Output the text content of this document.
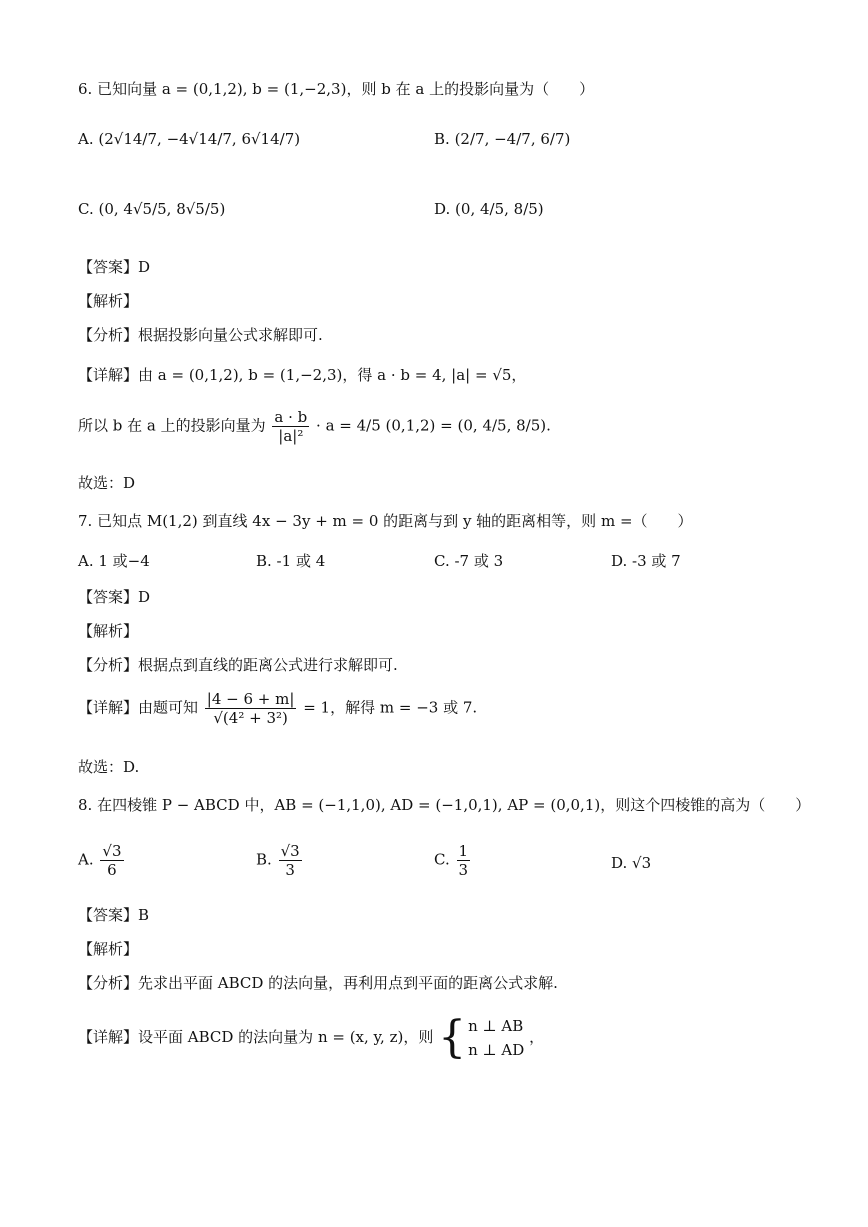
6. 已知向量 a = (0,1,2), b = (1,−2,3)，则 b 在 a 上的投影向量为（　　）
A. (2√14/7, −4√14/7, 6√14/7)	B. (2/7, −4/7, 6/7)
C. (0, 4√5/5, 8√5/5)	D. (0, 4/5, 8/5)
【答案】D
【解析】
【分析】根据投影向量公式求解即可.
【详解】由 a = (0,1,2), b = (1,−2,3)，得 a · b = 4, |a| = √5，
所以 b 在 a 上的投影向量为 $\frac{a \cdot b}{\text{|a|²}} \cdot a = 4/5$ (0,1,2) = (0, 4/5, 8/5).
故选：D
7. 已知点 M(1,2) 到直线 4x − 3y + m = 0 的距离与到 y 轴的距离相等，则 m =（　　）
A. 1 或−4	B. -1 或 4	C. -7 或 3	D. -3 或 7
【答案】D
【解析】
【分析】根据点到直线的距离公式进行求解即可.
【详解】由题可知 $\frac{|4 - 6 + m|}{\text{√(4² + 3²)}} = 1$，解得 m = −3 或 7.
故选：D.
8. 在四棱锥 P − ABCD 中，AB = (−1,1,0), AD = (−1,0,1), AP = (0,0,1)，则这个四棱锥的高为（　　）
A. $\frac{√3}{6}$	B. $\frac{√3}{3}$	C. $\frac{1}{3}$	D. √3
【答案】B
【解析】
【分析】先求出平面 ABCD 的法向量，再利用点到平面的距离公式求解.
【详解】设平面 ABCD 的法向量为 n = (x, y, z)，则 { n ⊥ AB
n ⊥ AD
，
